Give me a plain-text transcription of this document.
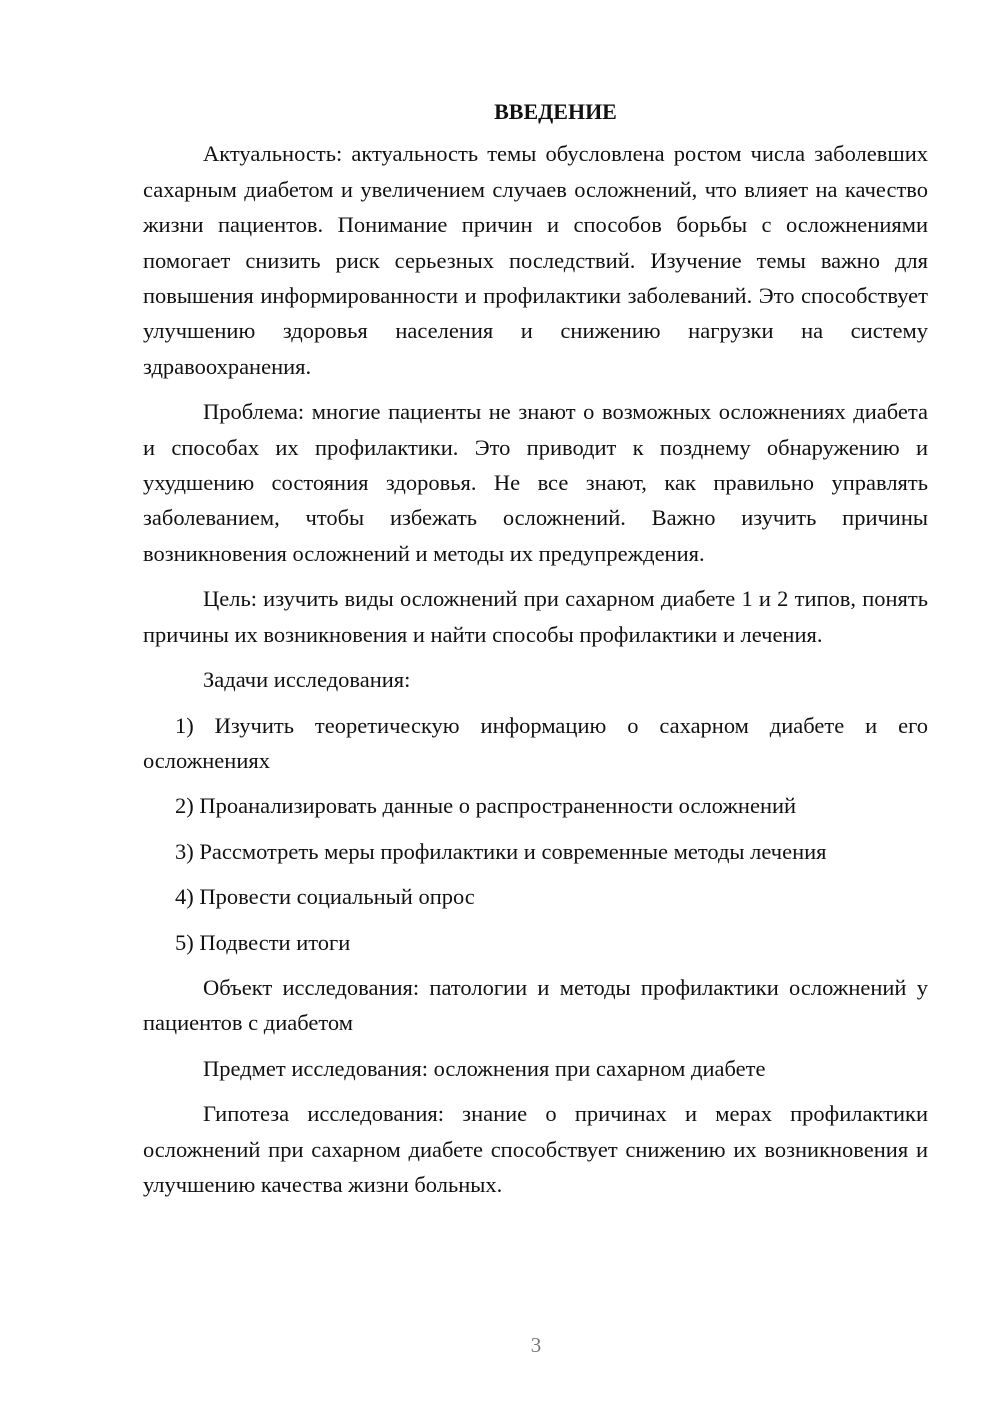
ВВЕДЕНИЕ

Актуальность: актуальность темы обусловлена ростом числа заболевших сахарным диабетом и увеличением случаев осложнений, что влияет на качество жизни пациентов. Понимание причин и способов борьбы с осложнениями помогает снизить риск серьезных последствий. Изучение темы важно для повышения информированности и профилактики заболеваний. Это способствует улучшению здоровья населения и снижению нагрузки на систему здравоохранения.

Проблема: многие пациенты не знают о возможных осложнениях диабета и способах их профилактики. Это приводит к позднему обнаружению и ухудшению состояния здоровья. Не все знают, как правильно управлять заболеванием, чтобы избежать осложнений. Важно изучить причины возникновения осложнений и методы их предупреждения.

Цель: изучить виды осложнений при сахарном диабете 1 и 2 типов, понять причины их возникновения и найти способы профилактики и лечения.

Задачи исследования:

1) Изучить теоретическую информацию о сахарном диабете и его осложнениях

2) Проанализировать данные о распространенности осложнений

3) Рассмотреть меры профилактики и современные методы лечения

4) Провести социальный опрос

5) Подвести итоги

Объект исследования: патологии и методы профилактики осложнений у пациентов с диабетом

Предмет исследования: осложнения при сахарном диабете

Гипотеза исследования: знание о причинах и мерах профилактики осложнений при сахарном диабете способствует снижению их возникновения и улучшению качества жизни больных.

3
